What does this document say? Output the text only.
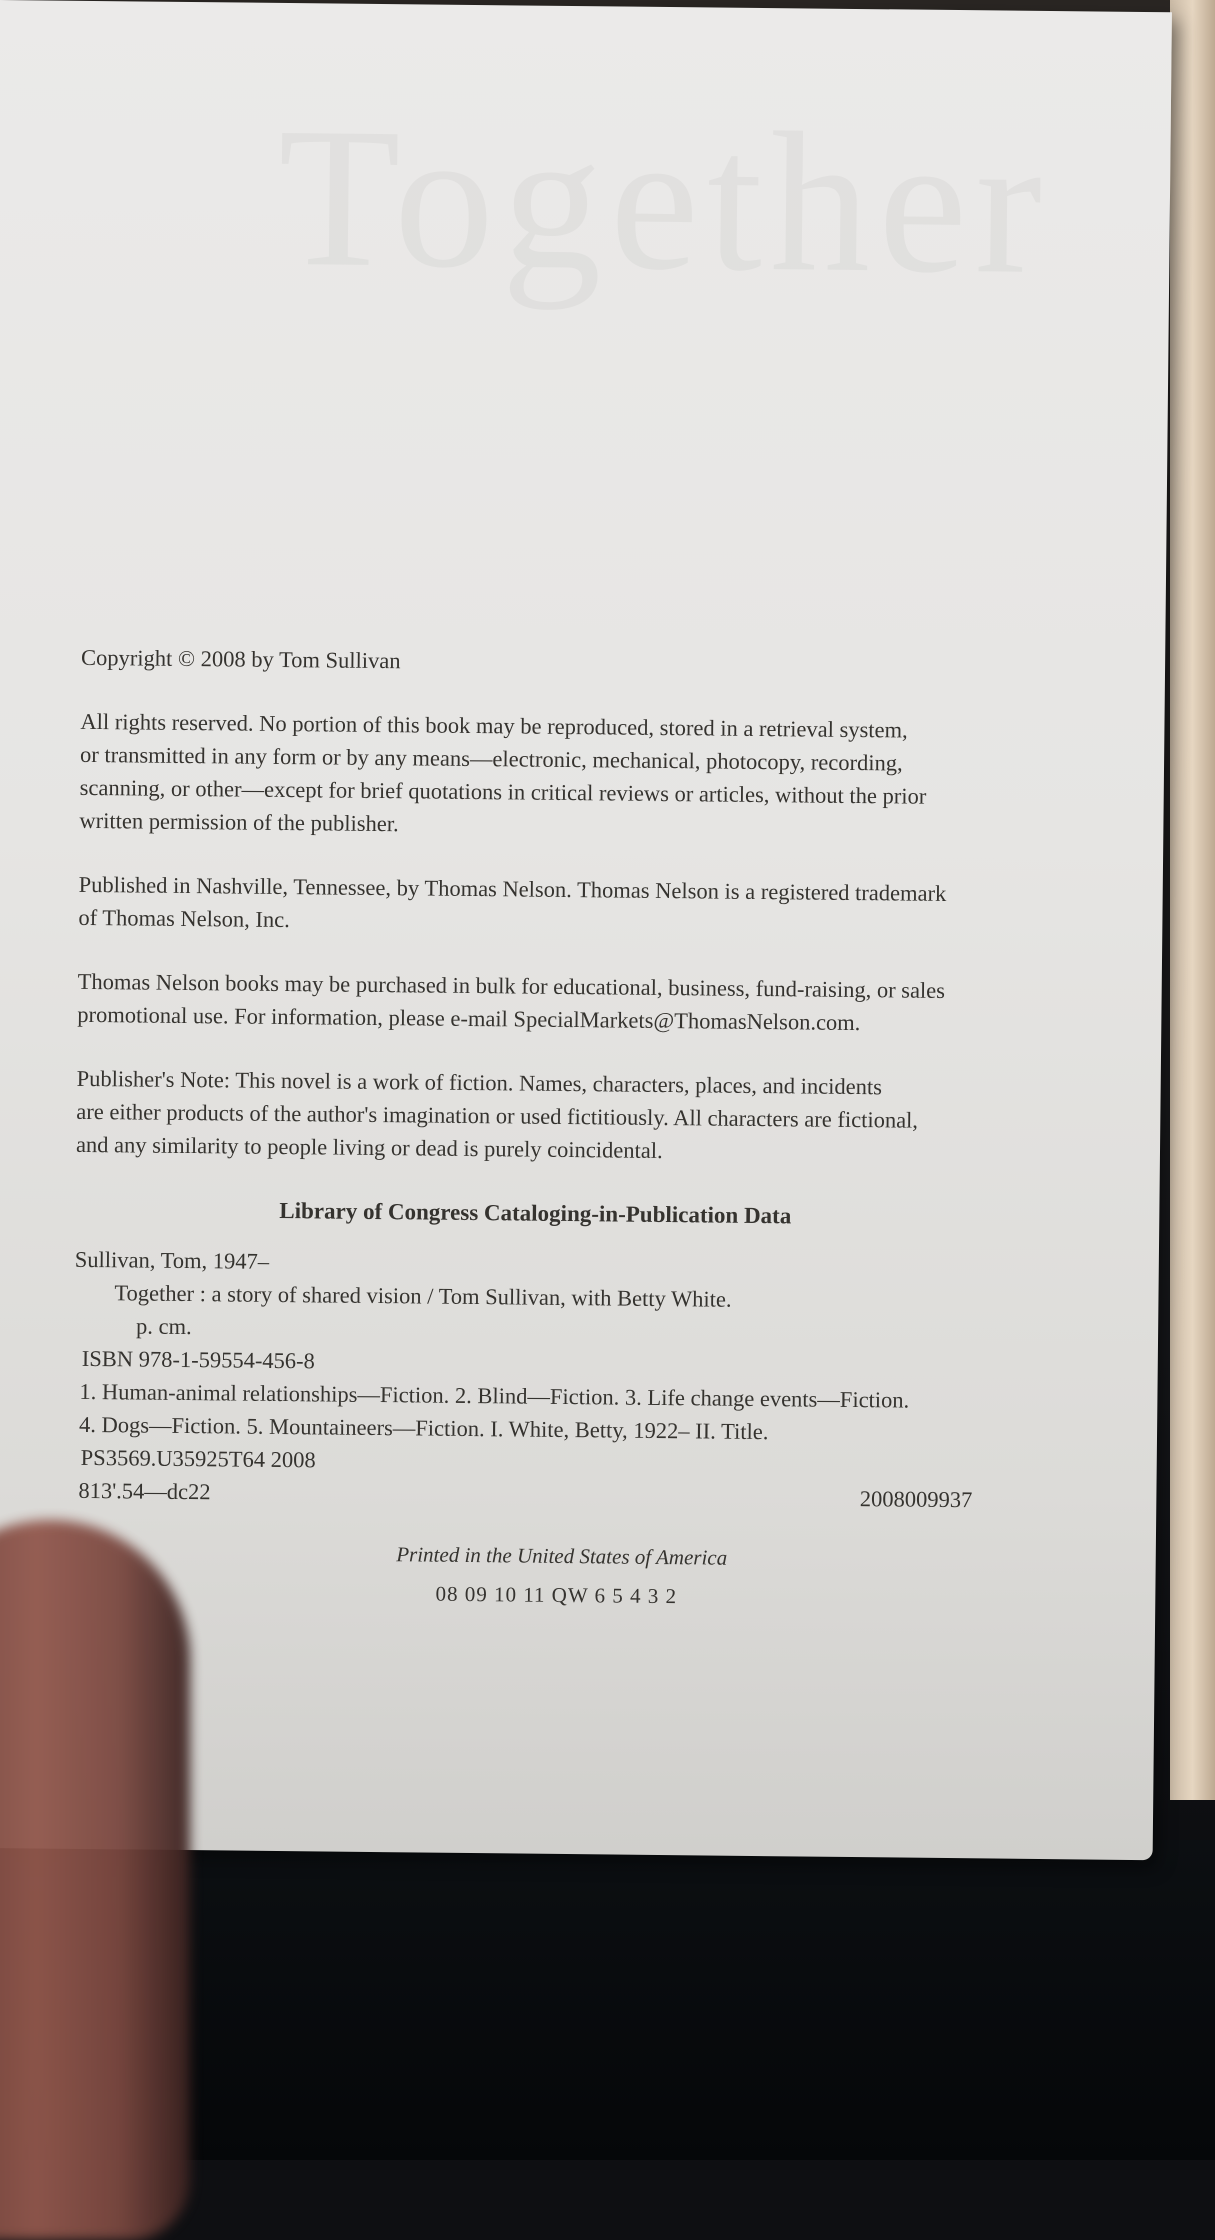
Together

Copyright © 2008 by Tom Sullivan

All rights reserved. No portion of this book may be reproduced, stored in a retrieval system,

or transmitted in any form or by any means—electronic, mechanical, photocopy, recording,

scanning, or other—except for brief quotations in critical reviews or articles, without the prior

written permission of the publisher.

Published in Nashville, Tennessee, by Thomas Nelson. Thomas Nelson is a registered trademark

of Thomas Nelson, Inc.

Thomas Nelson books may be purchased in bulk for educational, business, fund-raising, or sales

promotional use. For information, please e-mail SpecialMarkets@ThomasNelson.com.

Publisher's Note: This novel is a work of fiction. Names, characters, places, and incidents

are either products of the author's imagination or used fictitiously. All characters are fictional,

and any similarity to people living or dead is purely coincidental.

Library of Congress Cataloging-in-Publication Data
Sullivan, Tom, 1947–
Together : a story of shared vision / Tom Sullivan, with Betty White.
p. cm.
ISBN 978-1-59554-456-8
1. Human-animal relationships—Fiction. 2. Blind—Fiction. 3. Life change events—Fiction.
4. Dogs—Fiction. 5. Mountaineers—Fiction. I. White, Betty, 1922– II. Title.
PS3569.U35925T64 2008
813'.54—dc22	2008009937
Printed in the United States of America
08 09 10 11 QW 6 5 4 3 2
